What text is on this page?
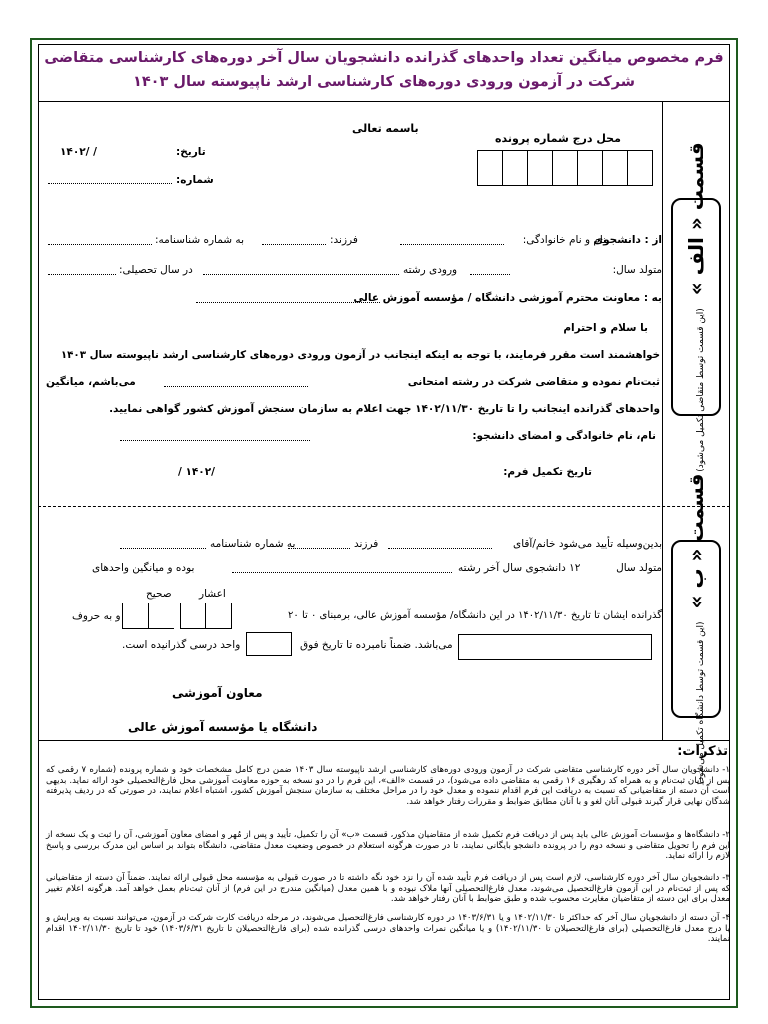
فرم مخصوص میانگین تعداد واحدهای گذرانده دانشجویان سال آخر دوره‌های کارشناسی متقاضی
شرکت در آزمون ورودی دوره‌های کارشناسی ارشد ناپیوسته سال ۱۴۰۳
قسمت « الف » (این قسمت توسط متقاضی تکمیل می‌شود)
قسمت « ب » (این قسمت توسط دانشگاه تکمیل می‌شود)
باسمه تعالی
محل درج شماره پرونده
تاریخ:
۱۴۰۲/ /
شماره:
از : دانشجوی
نام و نام خانوادگی:
فرزند:
به شماره شناسنامه:
متولد سال:
ورودی رشته
در سال تحصیلی:
به : معاونت محترم آموزشی دانشگاه / مؤسسه آموزش عالی
با سلام و احترام
خواهشمند است مقرر فرمایند، با توجه به اینکه اینجانب در آزمون ورودی دوره‌های کارشناسی ارشد ناپیوسته سال ۱۴۰۳
ثبت‌نام نموده و متقاضی شرکت در رشته امتحانی
می‌باشم، میانگین
واحدهای گذرانده اینجانب را تا تاریخ ۱۴۰۲/۱۱/۳۰ جهت اعلام به سازمان سنجش آموزش کشور گواهی نمایید.
نام، نام خانوادگی و امضای دانشجو:
تاریخ تکمیل فرم:
/ ۱۴۰۲/
بدین‌وسیله تأیید می‌شود خانم/آقای
فرزند
به شماره شناسنامه
متولد سال
۱۲ دانشجوی سال آخر رشته
بوده و میانگین واحدهای
اعشار
صحیح
گذرانده ایشان تا تاریخ ۱۴۰۲/۱۱/۳۰ در این دانشگاه/ مؤسسه آموزش عالی، برمبنای ۰ تا ۲۰
و به حروف
می‌باشد. ضمناً نامبرده تا تاریخ فوق
واحد درسی گذرانیده است.
معاون آموزشی
دانشگاه یا مؤسسه آموزش عالی
تذکرات:
۱- دانشجویان سال آخر دوره کارشناسی متقاضی شرکت در آزمون ورودی دوره‌های کارشناسی ارشد ناپیوسته سال ۱۴۰۳ ضمن درج کامل مشخصات خود و شماره پرونده (شماره ۷ رقمی که پس از پایان ثبت‌نام و به همراه کد رهگیری ۱۶ رقمی به متقاضی داده می‌شود)، در قسمت «الف»، این فرم را در دو نسخه به حوزه معاونت آموزشی محل فارغ‌التحصیلی خود ارائه نماید. بدیهی است آن دسته از متقاضیانی که نسبت به دریافت این فرم اقدام ننموده و معدل خود را در مراحل مختلف به سازمان سنجش آموزش کشور، اشتباه اعلام نمایند، در صورتی که در ردیف پذیرفته شدگان نهایی قرار گیرند قبولی آنان لغو و با آنان مطابق ضوابط و مقررات رفتار خواهد شد.
۲- دانشگاه‌ها و مؤسسات آموزش عالی باید پس از دریافت فرم تکمیل شده از متقاضیان مذکور، قسمت «ب» آن را تکمیل، تأیید و پس از مُهر و امضای معاون آموزشی، آن را ثبت و یک نسخه از این فرم را تحویل متقاضی و نسخه دوم را در پرونده دانشجو بایگانی نمایند، تا در صورت هرگونه استعلام در خصوص وضعیت معدل متقاضی، دانشگاه بتواند بر اساس این مدرک بررسی و پاسخ لازم را ارائه نماید.
۳- دانشجویان سال آخر دوره کارشناسی، لازم است پس از دریافت فرم تأیید شده آن را نزد خود نگه داشته تا در صورت قبولی به مؤسسه محل قبولی ارائه نمایند. ضمناً آن دسته از متقاضیانی که پس از ثبت‌نام در این آزمون فارغ‌التحصیل می‌شوند، معدل فارغ‌التحصیلی آنها ملاک نبوده و با همین معدل (میانگین مندرج در این فرم) از آنان ثبت‌نام بعمل خواهد آمد. هرگونه اعلام تغییر معدل برای این دسته از متقاضیان مغایرت محسوب شده و طبق ضوابط با آنان رفتار خواهد شد.
۴- آن دسته از دانشجویان سال آخر که حداکثر تا ۱۴۰۲/۱۱/۳۰ و یا ۱۴۰۳/۶/۳۱ در دوره کارشناسی فارغ‌التحصیل می‌شوند، در مرحله دریافت کارت شرکت در آزمون، می‌توانند نسبت به ویرایش و یا درج معدل فارغ‌التحصیلی (برای فارغ‌التحصیلان تا ۱۴۰۲/۱۱/۳۰) و یا میانگین نمرات واحدهای درسی گذرانده شده (برای فارغ‌التحصیلان تا تاریخ ۱۴۰۳/۶/۳۱) خود تا تاریخ ۱۴۰۲/۱۱/۳۰ اقدام نمایند.
